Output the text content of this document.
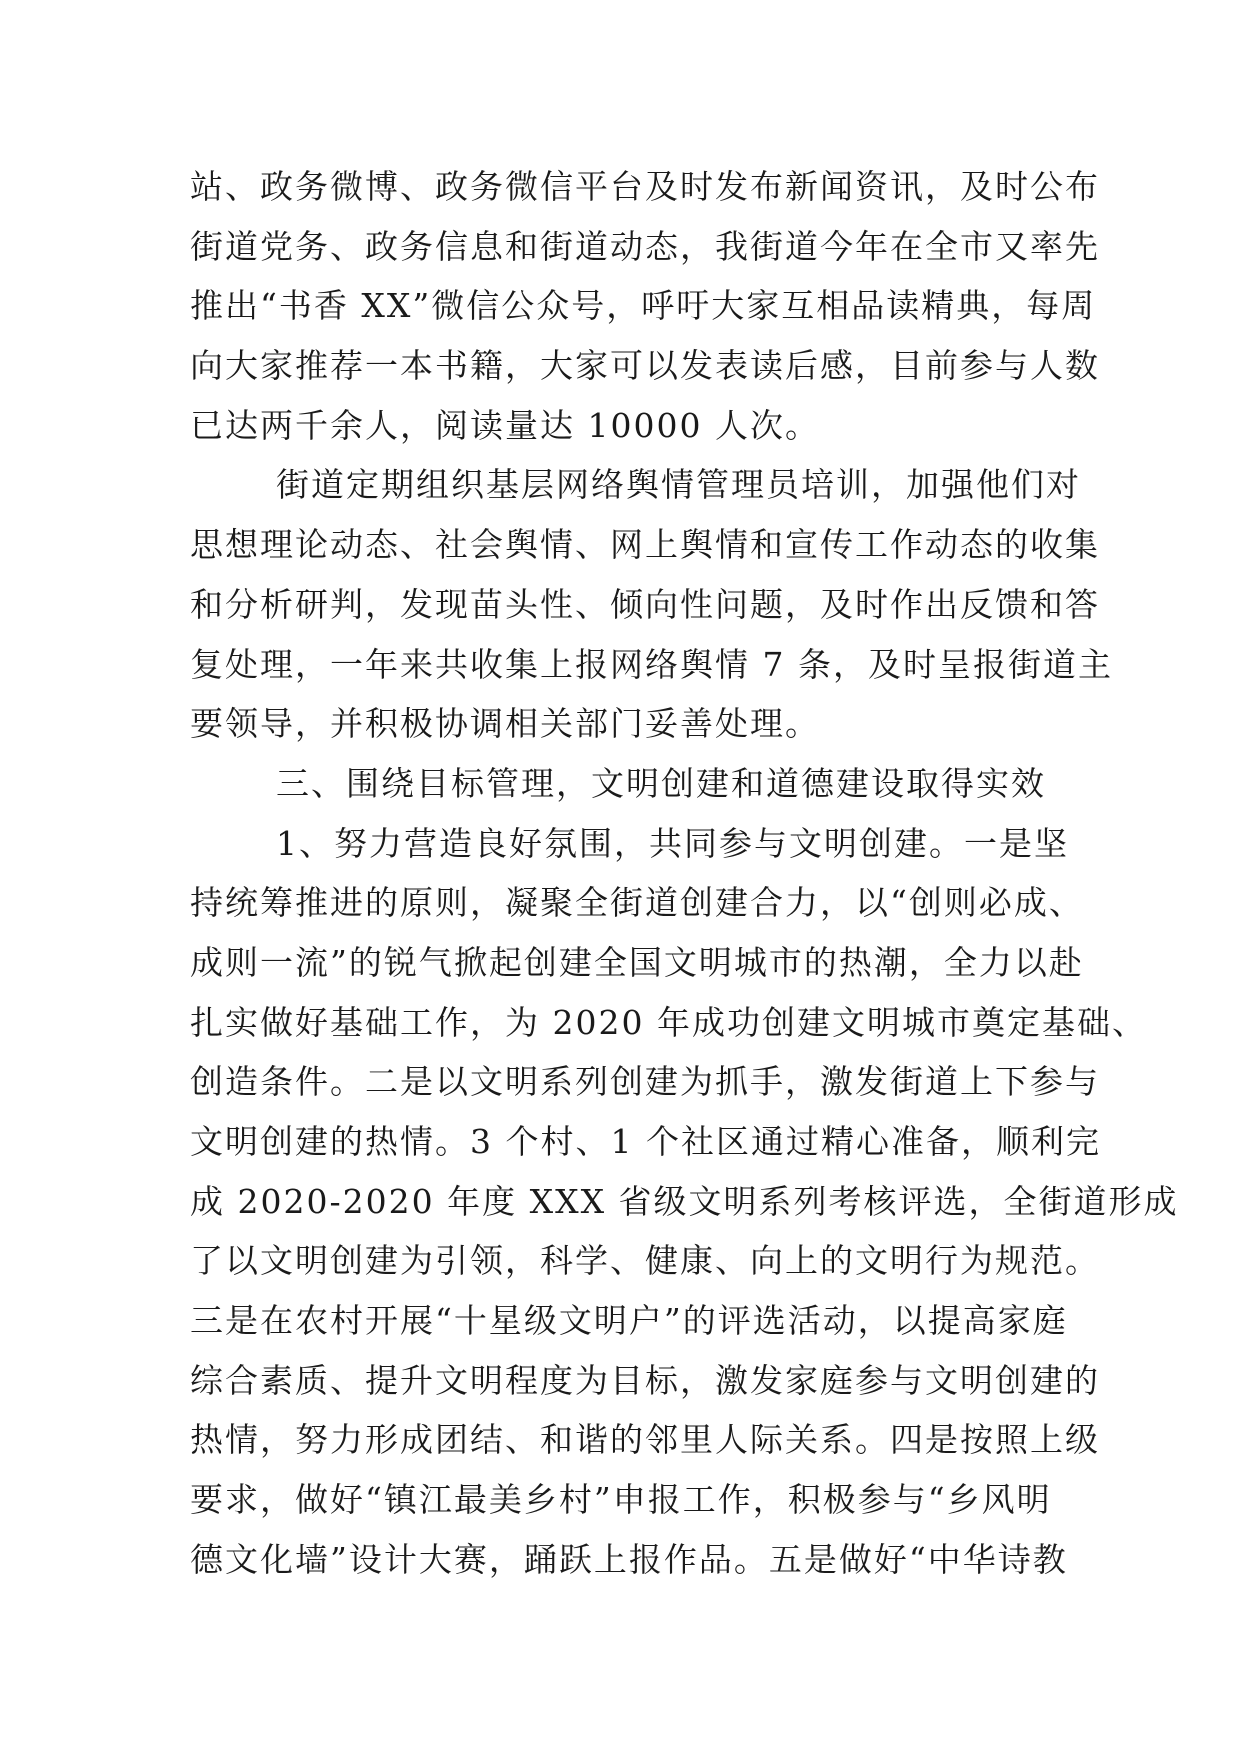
站、政务微博、政务微信平台及时发布新闻资讯，及时公布
街道党务、政务信息和街道动态，我街道今年在全市又率先
推出“书香 XX”微信公众号，呼吁大家互相品读精典，每周
向大家推荐一本书籍，大家可以发表读后感，目前参与人数
已达两千余人，阅读量达 10000 人次。
街道定期组织基层网络舆情管理员培训，加强他们对
思想理论动态、社会舆情、网上舆情和宣传工作动态的收集
和分析研判，发现苗头性、倾向性问题，及时作出反馈和答
复处理，一年来共收集上报网络舆情 7 条，及时呈报街道主
要领导，并积极协调相关部门妥善处理。
三、围绕目标管理，文明创建和道德建设取得实效
1、努力营造良好氛围，共同参与文明创建。一是坚
持统筹推进的原则，凝聚全街道创建合力，以“创则必成、
成则一流”的锐气掀起创建全国文明城市的热潮，全力以赴
扎实做好基础工作，为 2020 年成功创建文明城市奠定基础、
创造条件。二是以文明系列创建为抓手，激发街道上下参与
文明创建的热情。3 个村、1 个社区通过精心准备，顺利完
成 2020-2020 年度 XXX 省级文明系列考核评选，全街道形成
了以文明创建为引领，科学、健康、向上的文明行为规范。
三是在农村开展“十星级文明户”的评选活动，以提高家庭
综合素质、提升文明程度为目标，激发家庭参与文明创建的
热情，努力形成团结、和谐的邻里人际关系。四是按照上级
要求，做好“镇江最美乡村”申报工作，积极参与“乡风明
德文化墙”设计大赛，踊跃上报作品。五是做好“中华诗教
